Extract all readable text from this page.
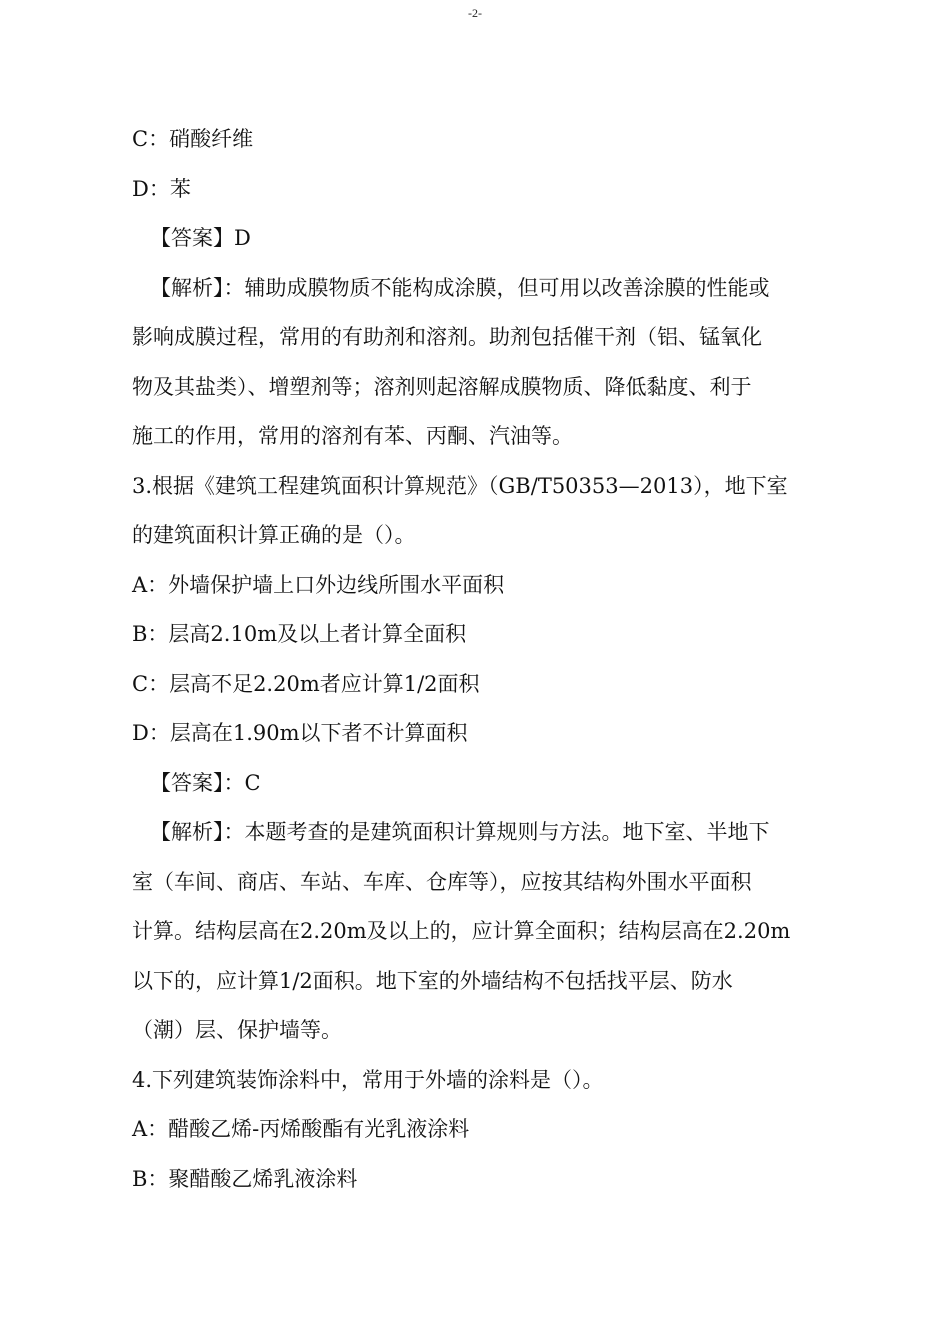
-2-
C：硝酸纤维
D：苯
【答案】D
【解析】：辅助成膜物质不能构成涂膜，但可用以改善涂膜的性能或
影响成膜过程，常用的有助剂和溶剂。助剂包括催干剂（铝、锰氧化
物及其盐类）、增塑剂等；溶剂则起溶解成膜物质、降低黏度、利于
施工的作用，常用的溶剂有苯、丙酮、汽油等。
3.根据《建筑工程建筑面积计算规范》（GB/T50353—2013），地下室
的建筑面积计算正确的是（）。
A：外墙保护墙上口外边线所围水平面积
B：层高2.10m及以上者计算全面积
C：层高不足2.20m者应计算1/2面积
D：层高在1.90m以下者不计算面积
【答案】：C
【解析】：本题考查的是建筑面积计算规则与方法。地下室、半地下
室（车间、商店、车站、车库、仓库等），应按其结构外围水平面积
计算。结构层高在2.20m及以上的，应计算全面积；结构层高在2.20m
以下的，应计算1/2面积。地下室的外墙结构不包括找平层、防水
（潮）层、保护墙等。
4.下列建筑装饰涂料中，常用于外墙的涂料是（）。
A：醋酸乙烯-丙烯酸酯有光乳液涂料
B：聚醋酸乙烯乳液涂料
